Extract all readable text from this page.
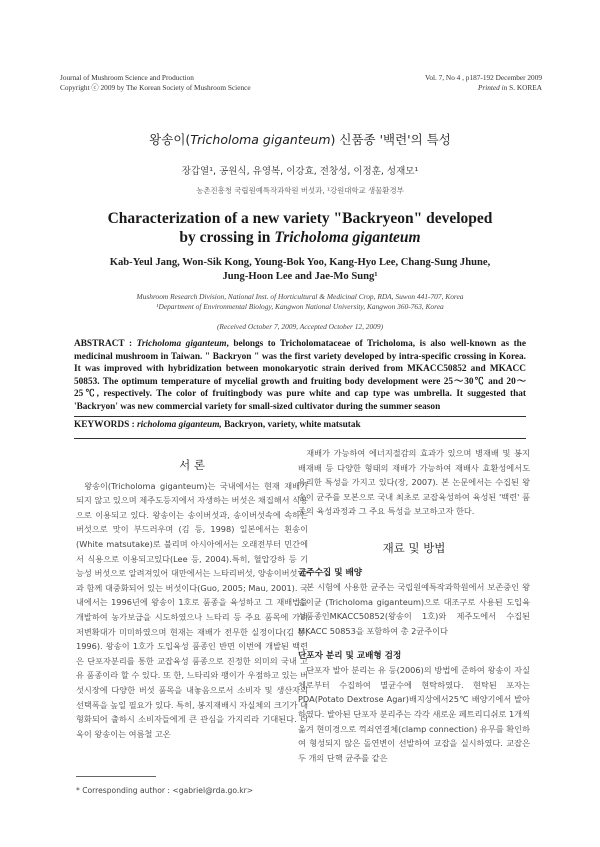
Journal of Mushroom Science and Production
Copyright ⓒ 2009 by The Korean Society of Mushroom Science
Vol. 7, No 4 , p187-192 December 2009
Printed in S. KOREA
왕송이(Tricholoma giganteum) 신품종 '백련'의 특성
장갑열¹, 공원식, 유영복, 이강효, 전창성, 이정훈, 성재모¹
농촌진흥청 국립원예특작과학원 버섯과, ¹강원대학교 생물환경부
Characterization of a new variety "Backryeon" developed
by crossing in Tricholoma giganteum
Kab-Yeul Jang, Won-Sik Kong, Young-Bok Yoo, Kang-Hyo Lee, Chang-Sung Jhune,
Jung-Hoon Lee and Jae-Mo Sung¹
Mushroom Research Division, National Inst. of Horticultural & Medicinal Crop, RDA, Suwon 441-707, Korea
¹Department of Environmental Biology, Kangwon National University, Kangwon 360-763, Korea
(Received October 7, 2009, Accepted October 12, 2009)
ABSTRACT : Tricholoma giganteum, belongs to Tricholomataceae of Tricholoma, is also well-known as the medicinal mushroom in Taiwan. " Backryon " was the first variety developed by intra-specific crossing in Korea. It was improved with hybridization between monokaryotic strain derived from MKACC50852 and MKACC 50853. The optimum temperature of mycelial growth and fruiting body development were 25～30℃ and 20～25℃, respectively. The color of fruitingbody was pure white and cap type was umbrella. It suggested that 'Backryon' was new commercial variety for small-sized cultivator during the summer season
KEYWORDS : richoloma giganteum, Backryon, variety, white matsutak
서 론

왕송이(Tricholoma giganteum)는 국내에서는 현재 재배가 되지 않고 있으며 제주도등지에서 자생하는 버섯은 채집해서 식용으로 이용되고 있다. 왕송이는 송이버섯과, 송이버섯속에 속하는 버섯으로 맛이 부드러우며 (김 등, 1998) 일본에서는 흰송이(White matsutake)로 불리며 아시아에서는 오래전부터 민간에서 식용으로 이용되고있다(Lee 등, 2004).특히, 혈압강하 등 기능성 버섯으로 알려져있어 대만에서는 느타리버섯, 양송이버섯 등과 함께 대중화되어 있는 버섯이다(Guo, 2005; Mau, 2001). 국내에서는 1996년에 왕송이 1호로 품종을 육성하고 그 재배법을 개발하여 농가보급을 시도하였으나 느타리 등 주요 품목에 가려 저변확대가 미미하였으며 현재는 재배가 전무한 실정이다(김 등, 1996). 왕송이 1호가 도입육성 품종인 반면 이번에 개발된 백련은 단포자분리를 통한 교잡육성 품종으로 진정한 의미의 국내 고유 품종이라 할 수 있다. 또 한, 느타리와 팽이가 우점하고 있는 버섯시장에 다양한 버섯 품목을 내놓음으로서 소비자 및 생산자의 선택폭을 높일 필요가 있다. 특히, 봉지재배시 자실체의 크기가 대형화되어 출하시 소비자들에게 큰 관심을 가지리라 기대된다. 더욱이 왕송이는 여름철 고온

재배가 가능하여 에너지절감의 효과가 있으며 병재배 및 봉지배재배 등 다양한 형태의 재배가 가능하여 재배사 효환성에서도 유리한 특성을 가지고 있다(장, 2007). 본 논문에서는 수집된 왕송이 균주를 모본으로 국내 최초로 교잡육성하여 육성된 '백련' 품종의 육성과정과 그 주요 특성을 보고하고자 한다.

재료 및 방법
균주수집 및 배양

본 시험에 사용한 균주는 국립원예특작과학원에서 보존중인 왕송이균 (Tricholoma giganteum)으로 대조구로 사용된 도입육성품종인MKACC50852(왕송이 1호)와 제주도에서 수집된 MKACC 50853을 포함하여 총 2균주이다

단포자 분리 및 교배형 검정

단포자 발아 분리는 유 등(2006)의 방법에 준하여 왕송이 자실체로부터 수집하여 멸균수에 현탁하였다. 현탁된 포자는 PDA(Potato Dextrose Agar)배지상에서25℃ 배양기에서 발아하였다. 발아된 단포자 분리주는 각각 새로운 페트리디쉬로 1개씩 옮겨 현미경으로 꺽쇠연결체(clamp connection) 유무를 확인하여 형성되지 않은 돌연변이 선발하여 교잡을 실시하였다. 교잡은 두 개의 단핵 균주를 같은

* Corresponding author : <gabriel@rda.go.kr>
